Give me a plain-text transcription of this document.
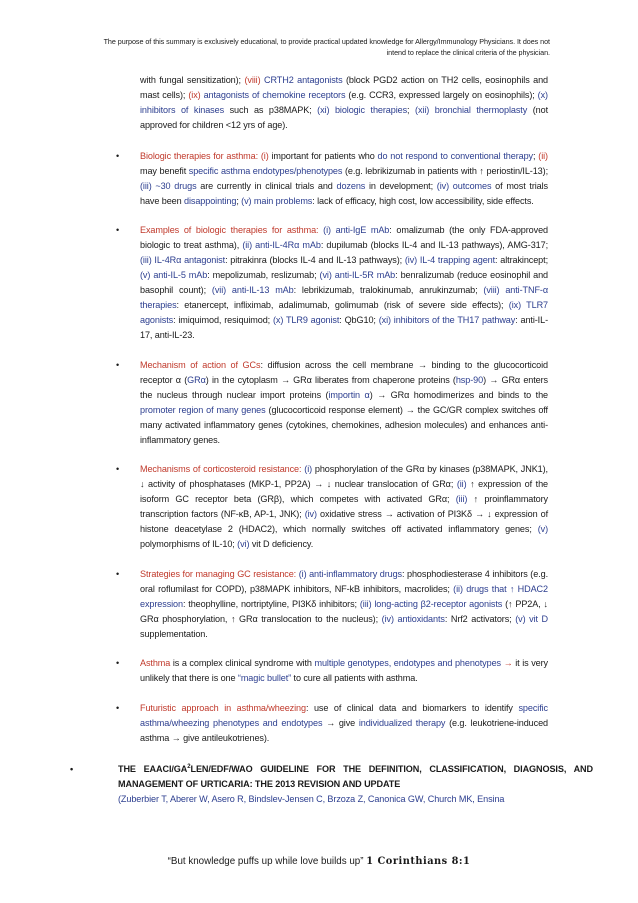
The purpose of this summary is exclusively educational, to provide practical updated knowledge for Allergy/Immunology Physicians. It does not
intend to replace the clinical criteria of the physician.

with fungal sensitization); (viii) CRTH2 antagonists (block PGD2 action on TH2 cells, eosinophils and mast cells); (ix) antagonists of chemokine receptors (e.g. CCR3, expressed largely on eosinophils); (x) inhibitors of kinases such as p38MAPK; (xi) biologic therapies; (xii) bronchial thermoplasty (not approved for children <12 yrs of age).

• Biologic therapies for asthma: (i) important for patients who do not respond to conventional therapy; (ii) may benefit specific asthma endotypes/phenotypes (e.g. lebrikizumab in patients with ↑ periostin/IL-13); (iii) ~30 drugs are currently in clinical trials and dozens in development; (iv) outcomes of most trials have been disappointing; (v) main problems: lack of efficacy, high cost, low accessibility, side effects.
• Examples of biologic therapies for asthma: (i) anti-IgE mAb: omalizumab (the only FDA-approved biologic to treat asthma), (ii) anti-IL-4Rα mAb: dupilumab (blocks IL-4 and IL-13 pathways), AMG-317; (iii) IL-4Rα antagonist: pitrakinra (blocks IL-4 and IL-13 pathways); (iv) IL-4 trapping agent: altrakincept; (v) anti-IL-5 mAb: mepolizumab, reslizumab; (vi) anti-IL-5R mAb: benralizumab (reduce eosinophil and basophil count); (vii) anti-IL-13 mAb: lebrikizumab, tralokinumab, anrukinzumab; (viii) anti-TNF-α therapies: etanercept, infliximab, adalimumab, golimumab (risk of severe side effects); (ix) TLR7 agonists: imiquimod, resiquimod; (x) TLR9 agonist: QbG10; (xi) inhibitors of the TH17 pathway: anti-IL-17, anti-IL-23.
• Mechanism of action of GCs: diffusion across the cell membrane → binding to the glucocorticoid receptor α (GRα) in the cytoplasm → GRα liberates from chaperone proteins (hsp-90) → GRα enters the nucleus through nuclear import proteins (importin α) → GRα homodimerizes and binds to the promoter region of many genes (glucocorticoid response element) → the GC/GR complex switches off many activated inflammatory genes (cytokines, chemokines, adhesion molecules) and enhances anti-inflammatory genes.
• Mechanisms of corticosteroid resistance: (i) phosphorylation of the GRα by kinases (p38MAPK, JNK1), ↓ activity of phosphatases (MKP-1, PP2A) → ↓ nuclear translocation of GRα; (ii) ↑ expression of the isoform GC receptor beta (GRβ), which competes with activated GRα; (iii) ↑ proinflammatory transcription factors (NF-κB, AP-1, JNK); (iv) oxidative stress → activation of PI3Kδ → ↓ expression of histone deacetylase 2 (HDAC2), which normally switches off activated inflammatory genes; (v) polymorphisms of IL-10; (vi) vit D deficiency.
• Strategies for managing GC resistance: (i) anti-inflammatory drugs: phosphodiesterase 4 inhibitors (e.g. oral roflumilast for COPD), p38MAPK inhibitors, NF-kB inhibitors, macrolides; (ii) drugs that ↑ HDAC2 expression: theophylline, nortriptyline, PI3Kδ inhibitors; (iii) long-acting β2-receptor agonists (↑ PP2A, ↓ GRα phosphorylation, ↑ GRα translocation to the nucleus); (iv) antioxidants: Nrf2 activators; (v) vit D supplementation.
• Asthma is a complex clinical syndrome with multiple genotypes, endotypes and phenotypes → it is very unlikely that there is one “magic bullet” to cure all patients with asthma.
• Futuristic approach in asthma/wheezing: use of clinical data and biomarkers to identify specific asthma/wheezing phenotypes and endotypes → give individualized therapy (e.g. leukotriene-induced asthma → give antileukotrienes).
•	THE EAACI/$GA^2LEN/EDF$/WAO GUIDELINE FOR THE DEFINITION, CLASSIFICATION, DIAGNOSIS, AND MANAGEMENT OF URTICARIA: THE 2013 REVISION AND UPDATE
(Zuberbier T, Aberer W, Asero R, Bindslev-Jensen C, Brzoza Z, Canonica GW, Church MK, Ensina
“But knowledge puffs up while love builds up” 1 Corinthians 8:1
